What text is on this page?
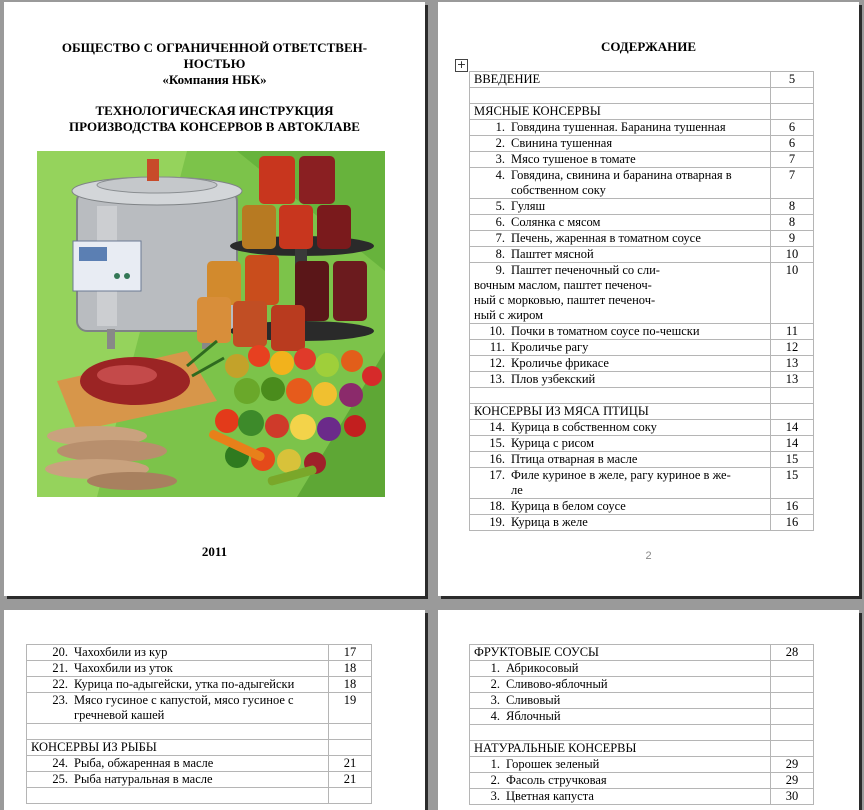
ОБЩЕСТВО С ОГРАНИЧЕННОЙ ОТВЕТСТВЕН-
НОСТЬЮ
«Компания НБК»
ТЕХНОЛОГИЧЕСКАЯ ИНСТРУКЦИЯ
ПРОИЗВОДСТВА КОНСЕРВОВ В АВТОКЛАВЕ
2011
СОДЕРЖАНИЕ
+
ВВЕДЕНИЕ	5

МЯСНЫЕ КОНСЕРВЫ	

1. Говядина тушенная. Баранина тушенная	6

2. Свинина тушенная	6

3. Мясо тушеное в томате	7

4. Говядина, свинина и баранина отварная в собственном соку	7

5. Гуляш	8

6. Солянка с мясом	8

7. Печень, жаренная в томатном соусе	9

8. Паштет мясной	10

9. Паштет печеночный со сли-
вочным маслом, паштет печеноч-
ный с морковью, паштет печеноч-
ный с жиром	10

10. Почки в томатном соусе по-чешски	11

11. Кроличье рагу	12

12. Кроличье фрикасе	13

13. Плов узбекский	13

КОНСЕРВЫ ИЗ МЯСА ПТИЦЫ	

14. Курица в собственном соку	14

15. Курица с рисом	14

16. Птица отварная в масле	15

17. Филе куриное в желе, рагу куриное в же-
ле	15

18. Курица в белом соусе	16

19. Курица в желе	16
2
20. Чахохбили из кур	17

21. Чахохбили из уток	18

22. Курица по-адыгейски, утка по-адыгейски	18

23. Мясо гусиное с капустой, мясо гусиное с гречневой кашей	19

КОНСЕРВЫ ИЗ РЫБЫ	

24. Рыба, обжаренная в масле	21

25. Рыба натуральная в масле	21

ФРУКТОВЫЕ СОУСЫ	28

1. Абрикосовый	

2. Сливово-яблочный	

3. Сливовый	

4. Яблочный	

НАТУРАЛЬНЫЕ КОНСЕРВЫ	

1. Горошек зеленый	29

2. Фасоль стручковая	29

3. Цветная капуста	30
